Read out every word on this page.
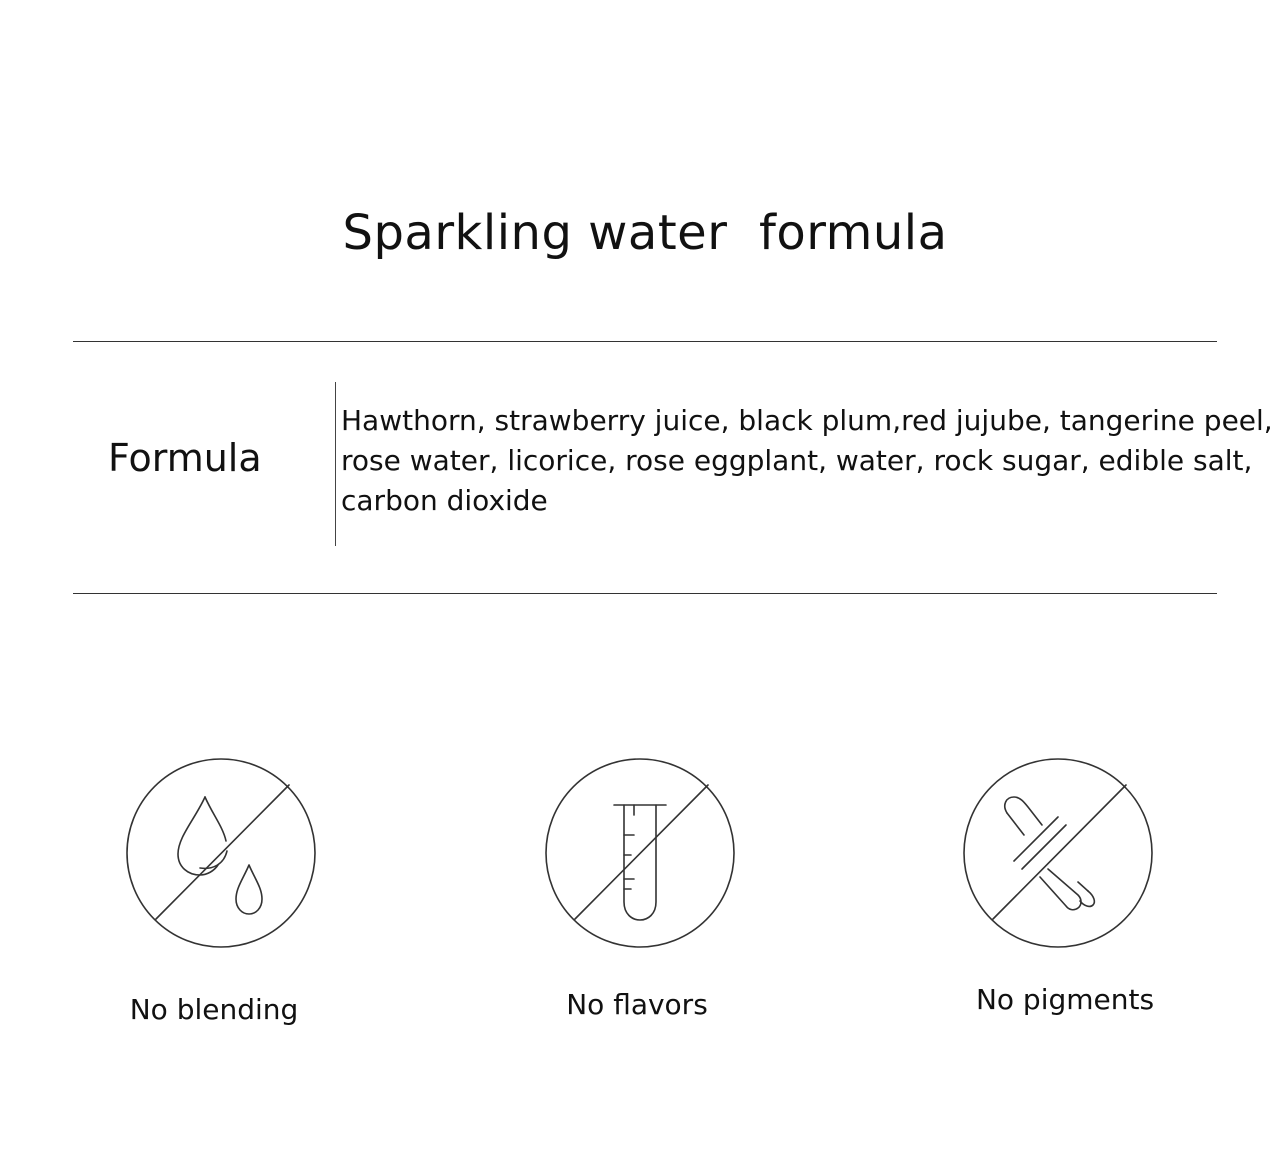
Sparkling water  formula

Formula

Hawthorn, strawberry juice, black plum,red jujube, tangerine peel,
rose water, licorice, rose eggplant, water, rock sugar, edible salt,
carbon dioxide
No blending	No flavors	No pigments
